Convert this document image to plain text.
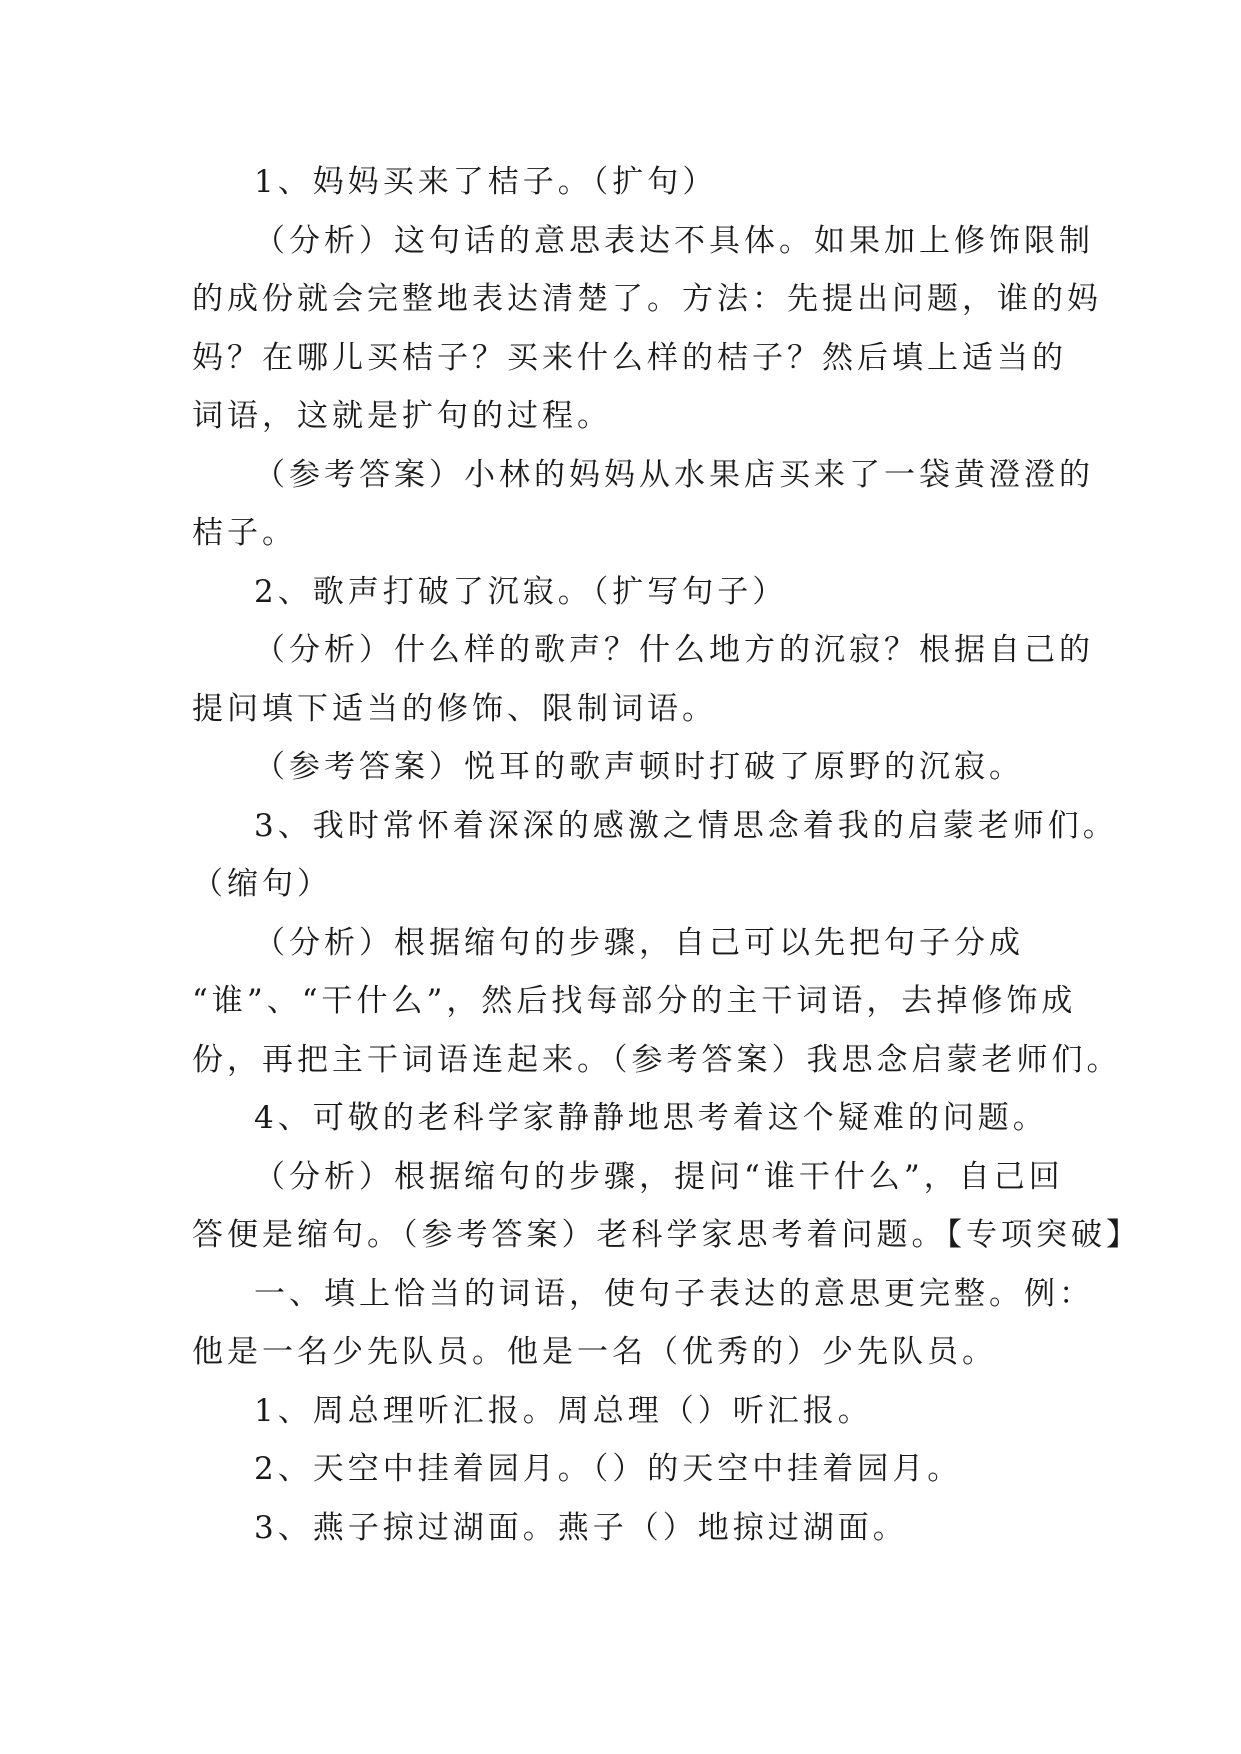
1、妈妈买来了桔子。（扩句）
（分析）这句话的意思表达不具体。如果加上修饰限制
的成份就会完整地表达清楚了。方法：先提出问题，谁的妈
妈？在哪儿买桔子？买来什么样的桔子？然后填上适当的
词语，这就是扩句的过程。
（参考答案）小林的妈妈从水果店买来了一袋黄澄澄的
桔子。
2、歌声打破了沉寂。（扩写句子）
（分析）什么样的歌声？什么地方的沉寂？根据自己的
提问填下适当的修饰、限制词语。
（参考答案）悦耳的歌声顿时打破了原野的沉寂。
3、我时常怀着深深的感激之情思念着我的启蒙老师们。
（缩句）
（分析）根据缩句的步骤，自己可以先把句子分成
“谁”、“干什么”，然后找每部分的主干词语，去掉修饰成
份，再把主干词语连起来。（参考答案）我思念启蒙老师们。
4、可敬的老科学家静静地思考着这个疑难的问题。
（分析）根据缩句的步骤，提问“谁干什么”，自己回
答便是缩句。（参考答案）老科学家思考着问题。【专项突破】
一、填上恰当的词语，使句子表达的意思更完整。例：
他是一名少先队员。他是一名（优秀的）少先队员。
1、周总理听汇报。周总理（）听汇报。
2、天空中挂着园月。（）的天空中挂着园月。
3、燕子掠过湖面。燕子（）地掠过湖面。
